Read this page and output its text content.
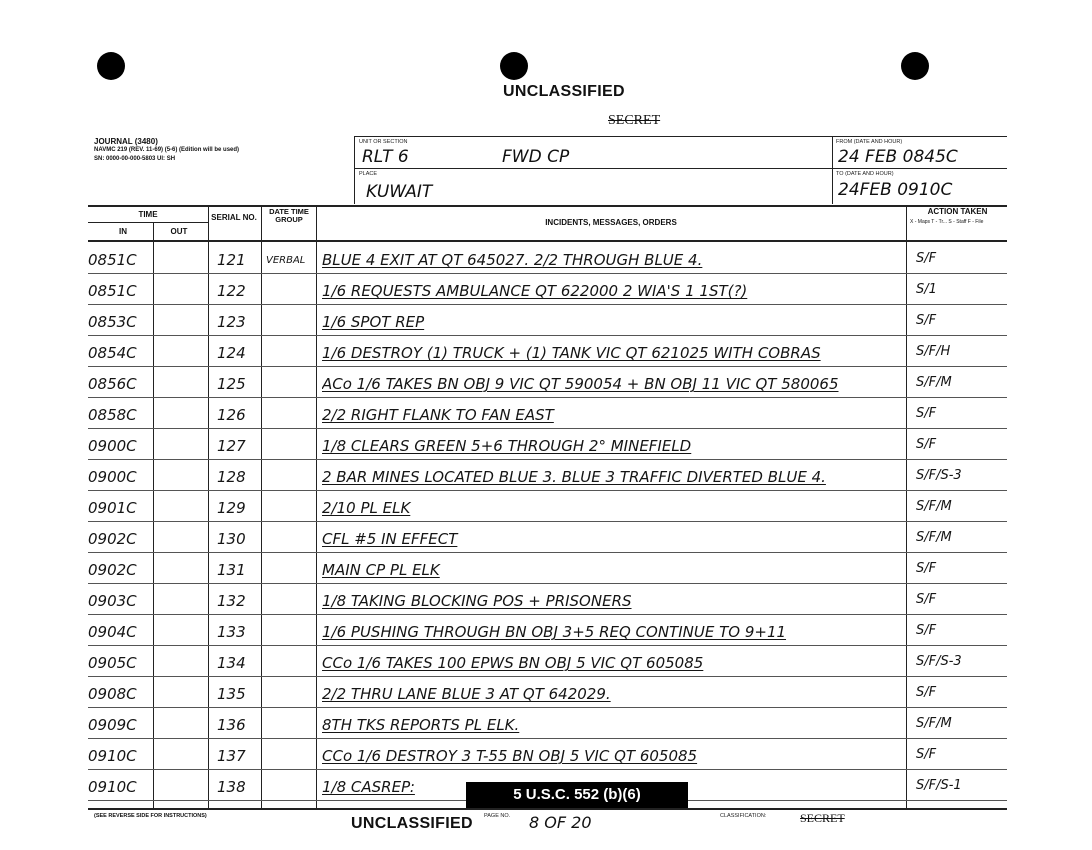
UNCLASSIFIED
SECRET
JOURNAL (3480)
NAVMC 219 (REV. 11-69) (5-6) (Edition will be used)
SN: 0000-00-000-5803 UI: SH
UNIT OR SECTION
RLT 6	FWD CP
PLACE
KUWAIT
FROM (DATE AND HOUR)
24 FEB 0845C
TO (DATE AND HOUR)
24FEB 0910C
TIME
IN	OUT
SERIAL NO.
DATE TIME GROUP	INCIDENTS, MESSAGES, ORDERS
ACTION TAKEN
X - Maps T - Tr... S - Staff F - File
0851C	121	VERBAL	BLUE 4 EXIT AT QT 645027. 2/2 THROUGH BLUE 4.	S/F
0851C	122	1/6 REQUESTS AMBULANCE QT 622000 2 WIA'S 1 1ST(?)	S/1
0853C	123	1/6 SPOT REP	S/F
0854C	124	1/6 DESTROY (1) TRUCK + (1) TANK VIC QT 621025 WITH COBRAS	S/F/H
0856C	125	ACo 1/6 TAKES BN OBJ 9 VIC QT 590054 + BN OBJ 11 VIC QT 580065	S/F/M
0858C	126	2/2 RIGHT FLANK TO FAN EAST	S/F
0900C	127	1/8 CLEARS GREEN 5+6 THROUGH 2° MINEFIELD	S/F
0900C	128	2 BAR MINES LOCATED BLUE 3. BLUE 3 TRAFFIC DIVERTED BLUE 4.	S/F/S-3
0901C	129	2/10 PL ELK	S/F/M
0902C	130	CFL #5 IN EFFECT	S/F/M
0902C	131	MAIN CP PL ELK	S/F
0903C	132	1/8 TAKING BLOCKING POS + PRISONERS	S/F
0904C	133	1/6 PUSHING THROUGH BN OBJ 3+5 REQ CONTINUE TO 9+11	S/F
0905C	134	CCo 1/6 TAKES 100 EPWS BN OBJ 5 VIC QT 605085	S/F/S-3
0908C	135	2/2 THRU LANE BLUE 3 AT QT 642029.	S/F
0909C	136	8TH TKS REPORTS PL ELK.	S/F/M
0910C	137	CCo 1/6 DESTROY 3 T-55 BN OBJ 5 VIC QT 605085	S/F
0910C	138	1/8 CASREP:	S/F/S-1
5 U.S.C. 552 (b)(6)
(SEE REVERSE SIDE FOR INSTRUCTIONS)	UNCLASSIFIED PAGE NO. 8 OF 20	CLASSIFICATION:	SECRET
